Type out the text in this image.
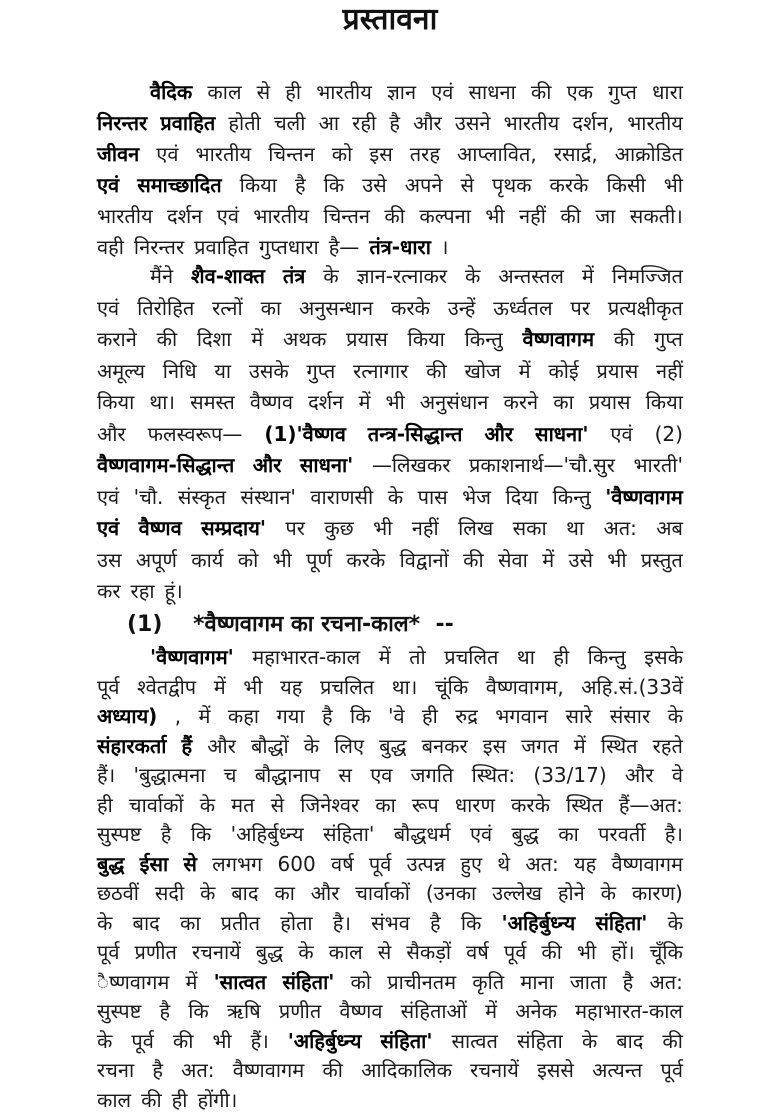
प्रस्तावना
वैदिक काल से ही भारतीय ज्ञान एवं साधना की एक गुप्त धारा
निरन्तर प्रवाहित होती चली आ रही है और उसने भारतीय दर्शन, भारतीय
जीवन एवं भारतीय चिन्तन को इस तरह आप्लावित, रसार्द्र, आक्रोडित
एवं समाच्छादित किया है कि उसे अपने से पृथक करके किसी भी
भारतीय दर्शन एवं भारतीय चिन्तन की कल्पना भी नहीं की जा सकती।
वही निरन्तर प्रवाहित गुप्तधारा है— तंत्र-धारा ।
मैंने शैव-शाक्त तंत्र के ज्ञान-रत्नाकर के अन्तस्तल में निमज्जित
एवं तिरोहित रत्नों का अनुसन्धान करके उन्हें ऊर्ध्वतल पर प्रत्यक्षीकृत
कराने की दिशा में अथक प्रयास किया किन्तु वैष्णवागम की गुप्त
अमूल्य निधि या उसके गुप्त रत्नागार की खोज में कोई प्रयास नहीं
किया था। समस्त वैष्णव दर्शन में भी अनुसंधान करने का प्रयास किया
और फलस्वरूप— (1)'वैष्णव तन्त्र-सिद्धान्त और साधना' एवं (2)
वैष्णवागम-सिद्धान्त और साधना' —लिखकर प्रकाशनार्थ—'चौ.सुर भारती'
एवं 'चौ. संस्कृत संस्थान' वाराणसी के पास भेज दिया किन्तु 'वैष्णवागम
एवं वैष्णव सम्प्रदाय' पर कुछ भी नहीं लिख सका था अत: अब
उस अपूर्ण कार्य को भी पूर्ण करके विद्वानों की सेवा में उसे भी प्रस्तुत
कर रहा हूं।
'वैष्णवागम' महाभारत-काल में तो प्रचलित था ही किन्तु इसके
पूर्व श्वेतद्वीप में भी यह प्रचलित था। चूंकि वैष्णवागम, अहि.सं.(33वें
अध्याय) , में कहा गया है कि 'वे ही रुद्र भगवान सारे संसार के
संहारकर्ता हैं और बौद्धों के लिए बुद्ध बनकर इस जगत में स्थित रहते
हैं। 'बुद्धात्मना च बौद्धानाप स एव जगति स्थित: (33/17) और वे
ही चार्वाकों के मत से जिनेश्वर का रूप धारण करके स्थित हैं—अत:
सुस्पष्ट है कि 'अहिर्बुध्न्य संहिता' बौद्धधर्म एवं बुद्ध का परवर्ती है।
बुद्ध ईसा से लगभग 600 वर्ष पूर्व उत्पन्न हुए थे अत: यह वैष्णवागम
छठवीं सदी के बाद का और चार्वाकों (उनका उल्लेख होने के कारण)
के बाद का प्रतीत होता है। संभव है कि 'अहिर्बुध्न्य संहिता' के
पूर्व प्रणीत रचनायें बुद्ध के काल से सैकड़ों वर्ष पूर्व की भी हों। चूँकि
ैष्णवागम में 'सात्वत संहिता' को प्राचीनतम कृति माना जाता है अत:
सुस्पष्ट है कि ऋषि प्रणीत वैष्णव संहिताओं में अनेक महाभारत-काल
के पूर्व की भी हैं। 'अहिर्बुध्न्य संहिता' सात्वत संहिता के बाद की
रचना है अत: वैष्णवागम की आदिकालिक रचनायें इससे अत्यन्त पूर्व
काल की ही होंगी।
(1)    *वैष्णवागम का रचना-काल*  --
